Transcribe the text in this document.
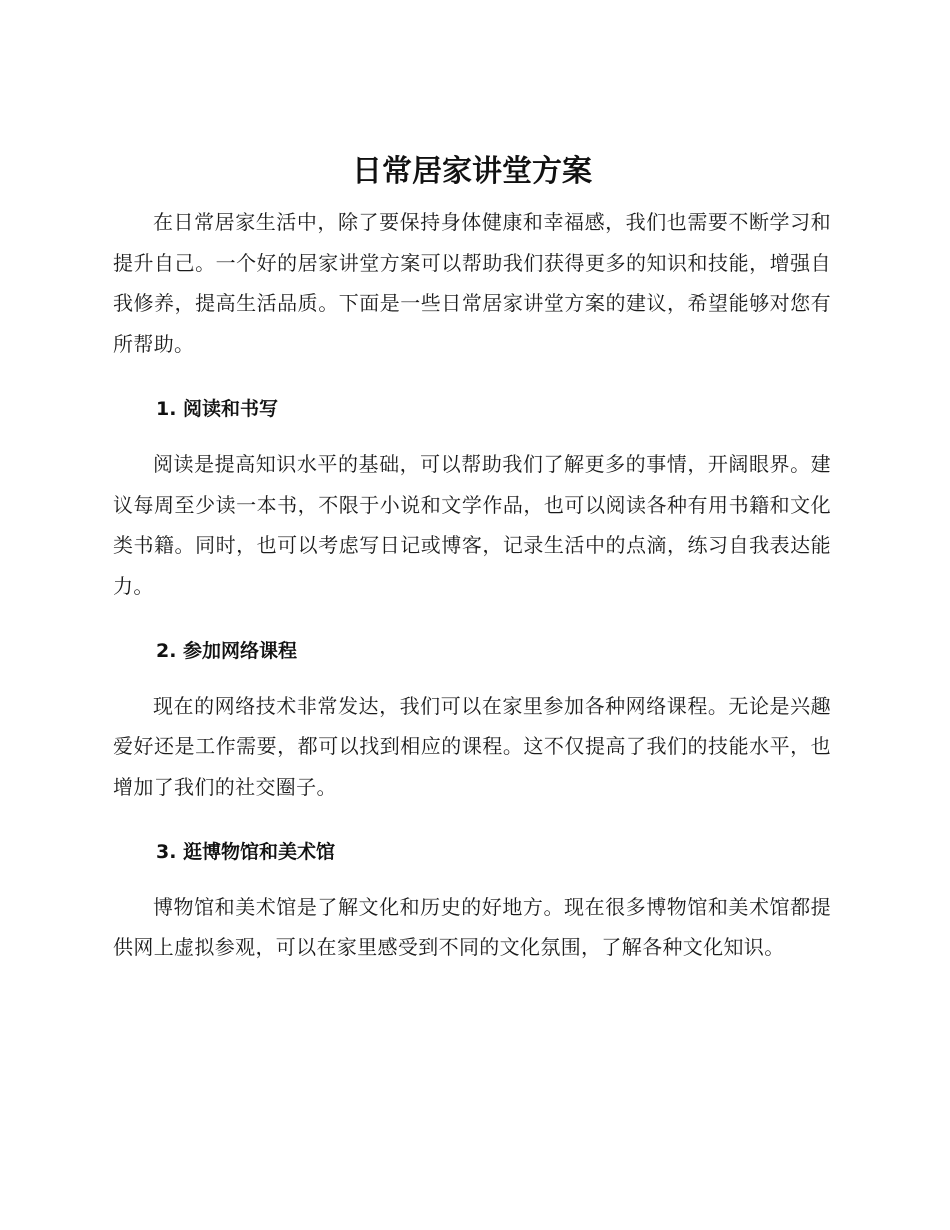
日常居家讲堂方案

在日常居家生活中，除了要保持身体健康和幸福感，我们也需要不断学习和提升自己。一个好的居家讲堂方案可以帮助我们获得更多的知识和技能，增强自我修养，提高生活品质。下面是一些日常居家讲堂方案的建议，希望能够对您有所帮助。

1. 阅读和书写

阅读是提高知识水平的基础，可以帮助我们了解更多的事情，开阔眼界。建议每周至少读一本书，不限于小说和文学作品，也可以阅读各种有用书籍和文化类书籍。同时，也可以考虑写日记或博客，记录生活中的点滴，练习自我表达能力。

2. 参加网络课程

现在的网络技术非常发达，我们可以在家里参加各种网络课程。无论是兴趣爱好还是工作需要，都可以找到相应的课程。这不仅提高了我们的技能水平，也增加了我们的社交圈子。

3. 逛博物馆和美术馆

博物馆和美术馆是了解文化和历史的好地方。现在很多博物馆和美术馆都提供网上虚拟参观，可以在家里感受到不同的文化氛围，了解各种文化知识。
